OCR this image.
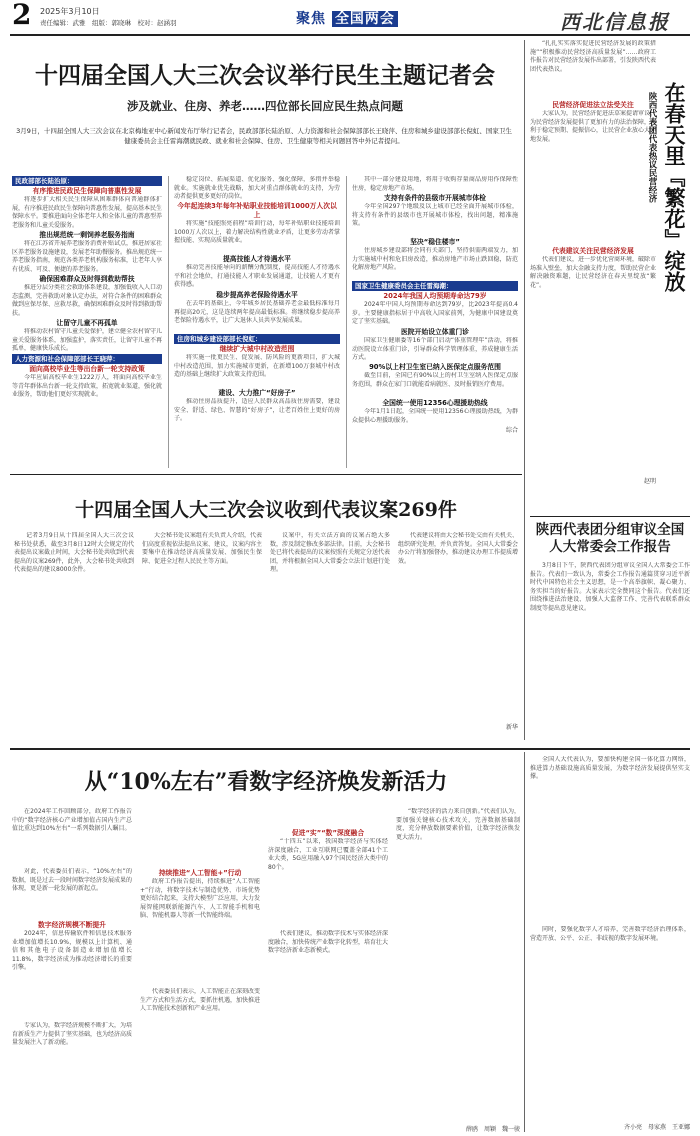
2 2025年3月10日
责任编辑：武雅　组版：郭晓琳　校对：赵涵羽	聚焦 全国两会	西北信息报
十四届全国人大三次会议举行民生主题记者会
涉及就业、住房、养老……四位部长回应民生热点问题
3月9日，十四届全国人大三次会议在北京梅地亚中心新闻发布厅举行记者会，民政部部长陆治原、人力资源和社会保障部部长王晓萍、住房和城乡建设部部长倪虹、国家卫生健康委员会主任雷海潮就民政、就业和社会保障、住房、卫生健康等相关问题回答中外记者提问。
民政部部长陆治原：
有序推进民政民生保障向普惠性发展

将逐步扩大相关民生保障从困难群体向普通群体扩展，有序推进民政民生保障向普惠性发展，提高基本民生保障水平。要推进面向全体老年人和全体儿童的普惠型养老服务和儿童关爱服务。

推出规范统一剩饲养老服务指南

将在江苏省开展养老服务消费补贴试点，推进居家社区养老服务设施建设，发展老年助餐服务。推出规范统一养老服务指南，规范各类养老机构服务标准，让老年人享有优质、可及、便捷的养老服务。

确保困难群众及时得到救助帮扶

推进分层分类社会救助体系建设，加强低收入人口动态监测，完善救助对象认定办法，对符合条件的困难群众做到应保尽保、应救尽救，确保困难群众及时得到救助帮扶。

让留守儿童不再孤单

将推动农村留守儿童关爱保护，建立健全农村留守儿童关爱服务体系，加强监护，落实责任，让留守儿童不再孤单，健康快乐成长。

人力资源和社会保障部部长王晓萍：
面向高校毕业生等出台新一轮支持政策

今年应届高校毕业生1222万人，将面向高校毕业生等青年群体出台新一轮支持政策，拓宽就业渠道，强化就业服务，帮助他们更好实现就业。

稳定岗位、拓展渠道、优化服务、强化保障，多措并举稳就业。实施就业优先战略，加大对重点群体就业的支持，为劳动者提供更多更好的岗位。

今年起连续3年每年补贴职业技能培训1000万人次以上

将实施“技能照亮前程”培训行动，每年补贴职业技能培训1000万人次以上，着力解决结构性就业矛盾，让更多劳动者掌握技能、实现高质量就业。

提高技能人才待遇水平

推动完善技能导向的薪酬分配制度，提高技能人才待遇水平和社会地位，打通技能人才职业发展通道，让技能人才更有获得感。

稳步提高养老保险待遇水平

在去年的基础上，今年城乡居民基础养老金最低标准每月再提高20元，这是连续两年提高最低标准。将继续稳步提高养老保险待遇水平，让广大退休人员共享发展成果。

住房和城乡建设部部长倪虹：
继续扩大城中村改造范围

将实施一批更民生、促发展、防风险的更新项目，扩大城中村改造范围，加力实施城市更新，在新增100万套城中村改造的基础上继续扩大政策支持范围。

建设、大力推广“好房子”

推动住房品质提升，适应人民群众高品质住房需要，建设安全、舒适、绿色、智慧的“好房子”，让老百姓住上更好的房子。

其中一部分建设用地，将用于收购存量商品房用作保障性住房，稳定房地产市场。

支持有条件的县级市开展城市体检

今年全国297个地级及以上城市已经全面开展城市体检，将支持有条件的县级市也开展城市体检，找出问题，精准施策。

坚决“稳住楼市”

住房城乡建设部将会同有关部门，坚持供需两端发力，加力实施城中村和危旧房改造，推动房地产市场止跌回稳，防范化解房地产风险。

国家卫生健康委员会主任雷海潮：
2024年我国人均预期寿命达79岁

2024年中国人均预期寿命达到79岁，比2023年提高0.4岁。主要健康指标居于中高收入国家前列，为健康中国建设奠定了坚实基础。

医院开始设立体重门诊

国家卫生健康委等16个部门启动“体重管理年”活动，将推动医院设立体重门诊，引导群众科学管理体重，养成健康生活方式。

90%以上村卫生室已纳入医保定点服务范围

截至目前，全国已有90%以上的村卫生室纳入医保定点服务范围，群众在家门口就能看病就医、及时报销医疗费用。

全国统一使用12356心理援助热线

今年1月1日起，全国统一使用12356心理援助热线，为群众提供心理援助服务。

综合

“扎扎实实落实促进民营经济发展的政策措施”“积极推动民营经济高质量发展”……政府工作报告对民营经济发展作出部署，引发陕西代表团代表热议。

民营经济促进法立法受关注

大家认为，民营经济促进法草案提请审议，为民营经济发展提供了更加有力的法治保障，有利于稳定预期、提振信心，让民营企业放心大胆地发展。

代表建议关注民营经济发展

代表们建议，进一步优化营商环境，破除市场准入壁垒，加大金融支持力度，帮助民营企业解决融资难题，让民营经济在春天里绽放“繁花”。

赵明
在春天里『繁花』绽放
陕西代表团代表热议民营经济
陕西代表团分组审议全国人大常委会工作报告

3月8日下午，陕西代表团分组审议全国人大常委会工作报告。代表们一致认为，常委会工作报告通篇贯穿习近平新时代中国特色社会主义思想，是一个高举旗帜、凝心聚力、务实担当的好报告。大家表示完全赞同这个报告。代表们还围绕推进法治建设、加强人大监督工作、完善代表联系群众制度等提出意见建议。

十四届全国人大三次会议收到代表议案269件

记者3月9日从十四届全国人大三次会议秘书处获悉，截至3月8日12时大会规定的代表提出议案截止时间，大会秘书处共收到代表提出的议案269件，此外，大会秘书处共收到代表提出的建议8000余件。

大会秘书处议案组有关负责人介绍，代表们高度重视依法提出议案、建议，议案内容主要集中在推动经济高质量发展、加强民生保障、促进全过程人民民主等方面。

议案中，有关立法方面的议案占绝大多数，涉及制定修改多部法律。目前，大会秘书处已将代表提出的议案按照有关规定分送代表团，并将根据全国人大常委会立法计划进行处理。

代表建议将由大会秘书处交由有关机关、组织研究处理，并负责答复。全国人大常委会办公厅将加强督办，推动建议办理工作提质增效。

新华
从“10%左右”看数字经济焕发新活力

在2024年工作回顾部分，政府工作报告中的“数字经济核心产业增加值占国内生产总值比重达到10%左右”一系列数据引人瞩目。

对此，代表委员们表示，“10%左右”的数据，既是过去一段时间数字经济发展成果的体现，更是新一轮发展的新起点。

数字经济规模不断提升

2024年，信息传输软件和信息技术服务业增加值增长10.9%，规模以上计算机、通信和其他电子设备制造业增加值增长11.8%，数字经济成为推动经济增长的重要引擎。

专家认为，数字经济规模不断扩大，为培育新质生产力提供了坚实基础，也为经济高质量发展注入了新动能。

持续推进“人工智能+”行动

政府工作报告提出，持续推进“人工智能+”行动，将数字技术与制造优势、市场优势更好结合起来，支持大模型广泛应用，大力发展智能网联新能源汽车、人工智能手机和电脑、智能机器人等新一代智能终端。

代表委员们表示，人工智能正在深刻改变生产方式和生活方式，要抓住机遇，加快推进人工智能技术创新和产业应用。

促进“实”“数”深度融合

“十四五”以来，我国数字经济与实体经济深度融合，工业互联网已覆盖全部41个工业大类，5G应用融入97个国民经济大类中的80个。

代表们建议，推动数字技术与实体经济深度融合，加快传统产业数字化转型，培育壮大数字经济新业态新模式。

“数字经济的活力来自创新。”代表们认为，要加强关键核心技术攻关，完善数据基础制度，充分释放数据要素价值，让数字经济焕发更大活力。

薛鸥　周颖　魏一骏

全国人大代表认为，要加快构建全国一体化算力网络，推进算力基础设施高质量发展，为数字经济发展提供坚实支撑。

同时，要强化数字人才培养，完善数字经济治理体系，营造开放、公平、公正、非歧视的数字发展环境。

齐小亮　母家燕　王亚娜
